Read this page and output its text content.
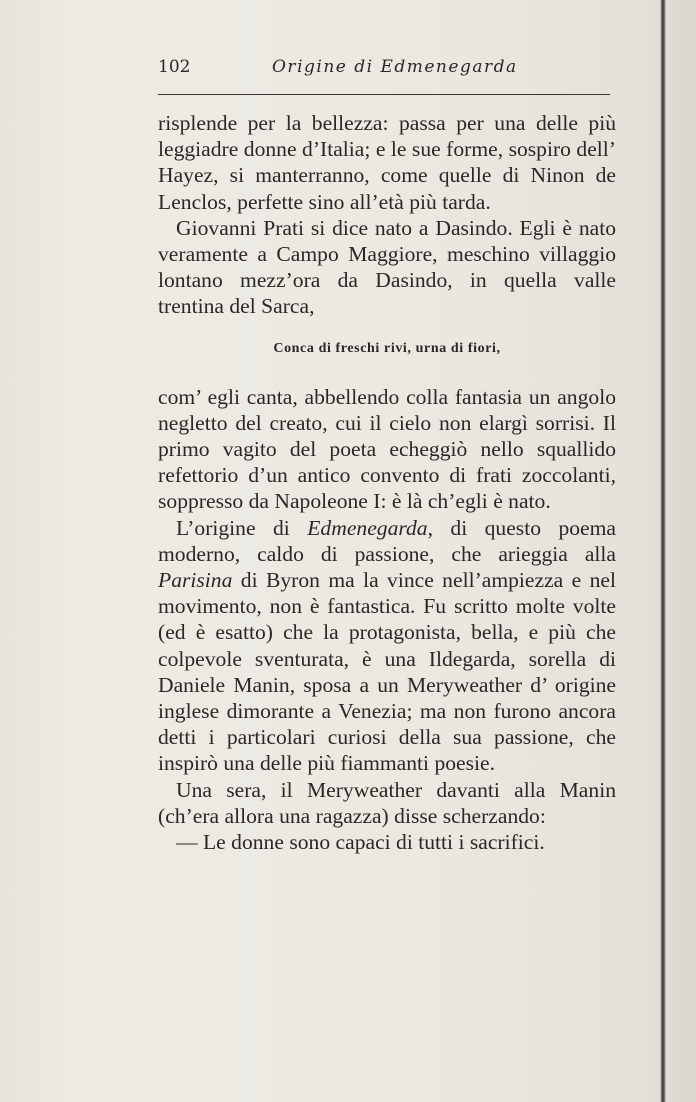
102	Origine di Edmenegarda

risplende per la bellezza: passa per una delle più leggiadre donne d’Italia; e le sue forme, sospiro dell’ Hayez, si manterranno, come quelle di Ninon de Lenclos, perfette sino all’età più tarda.

Giovanni Prati si dice nato a Dasindo. Egli è nato veramente a Campo Maggiore, meschino villaggio lontano mezz’ora da Dasindo, in quella valle trentina del Sarca,

Conca di freschi rivi, urna di fiori,

com’ egli canta, abbellendo colla fantasia un angolo negletto del creato, cui il cielo non elargì sorrisi. Il primo vagito del poeta echeggiò nello squallido refettorio d’un antico convento di frati zoccolanti, soppresso da Napoleone I: è là ch’egli è nato.

L’origine di Edmenegarda, di questo poema moderno, caldo di passione, che arieggia alla Parisina di Byron ma la vince nell’ampiezza e nel movimento, non è fantastica. Fu scritto molte volte (ed è esatto) che la protagonista, bella, e più che colpevole sventurata, è una Ildegarda, sorella di Daniele Manin, sposa a un Meryweather d’ origine inglese dimorante a Venezia; ma non furono ancora detti i particolari curiosi della sua passione, che inspirò una delle più fiammanti poesie.

Una sera, il Meryweather davanti alla Manin (ch’era allora una ragazza) disse scherzando:

— Le donne sono capaci di tutti i sacrifici.
